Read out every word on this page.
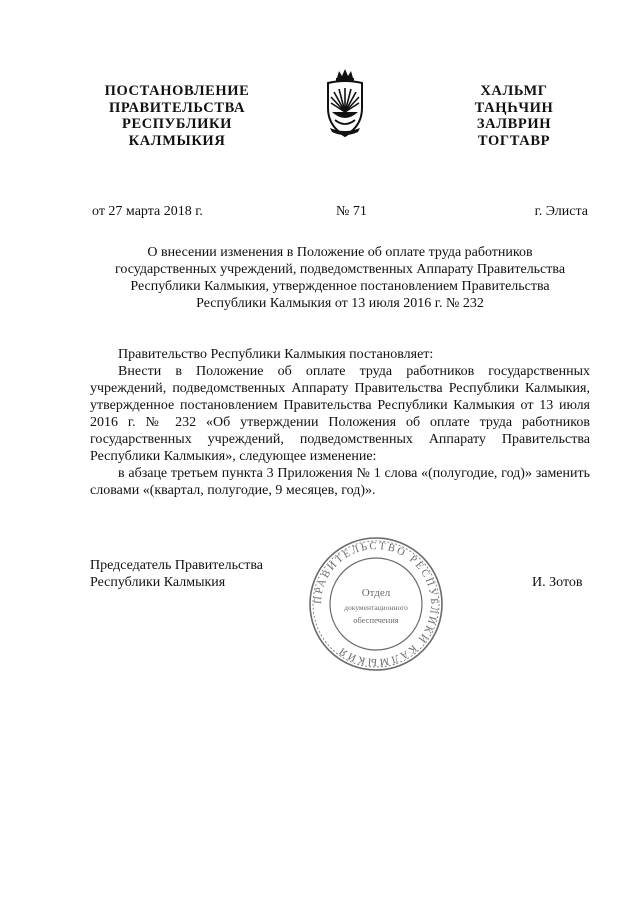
ПОСТАНОВЛЕНИЕ
ПРАВИТЕЛЬСТВА
РЕСПУБЛИКИ
КАЛМЫКИЯ
ХАЛЬМГ
ТАҢҺЧИН
ЗАЛВРИН
ТОГТАВР
от 27 марта 2018 г.	№ 71	г. Элиста
О внесении изменения в Положение об оплате труда работников
государственных учреждений, подведомственных Аппарату Правительства
Республики Калмыкия, утвержденное постановлением Правительства
Республики Калмыкия от 13 июля 2016 г. № 232

Правительство Республики Калмыкия постановляет:

Внести в Положение об оплате труда работников государственных учреждений, подведомственных Аппарату Правительства Республики Калмыкия, утвержденное постановлением Правительства Республики Калмыкия от 13 июля 2016 г. № 232 «Об утверждении Положения об оплате труда работников государственных учреждений, подведомственных Аппарату Правительства Республики Калмыкия», следующее изменение:

в абзаце третьем пункта 3 Приложения № 1 слова «(полугодие, год)» заменить словами «(квартал, полугодие, 9 месяцев, год)».

ПРАВИТЕЛЬСТВО РЕСПУБЛИКИ КАЛМЫКИЯ
Отдел
документационного
обеспечения
Председатель Правительства
Республики Калмыкия	И. Зотов
